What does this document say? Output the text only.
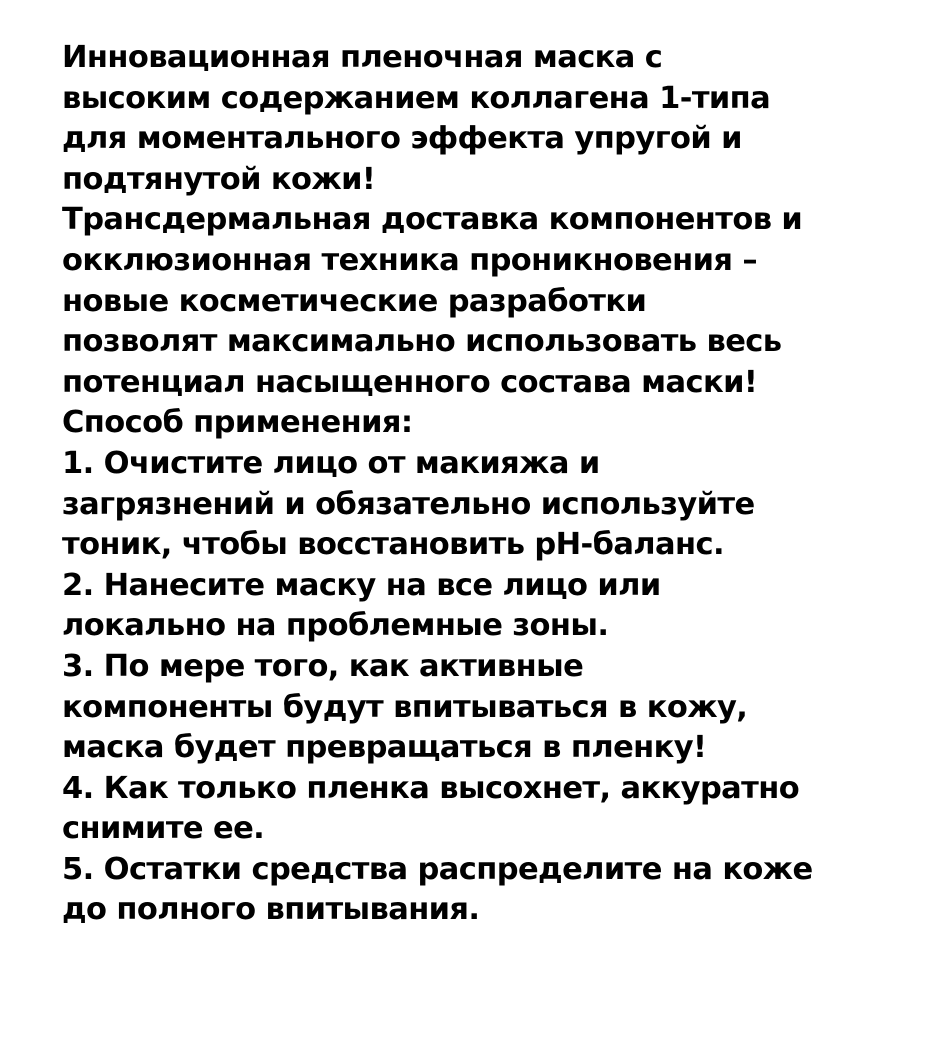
Инновационная пленочная маска с

высоким содержанием коллагена 1-типа

для моментального эффекта упругой и

подтянутой кожи!

Трансдермальная доставка компонентов и

окклюзионная техника проникновения –

новые косметические разработки

позволят максимально использовать весь

потенциал насыщенного состава маски!

Способ применения:

1. Очистите лицо от макияжа и

загрязнений и обязательно используйте

тоник, чтобы восстановить pH-баланс.

2. Нанесите маску на все лицо или

локально на проблемные зоны.

3. По мере того, как активные

компоненты будут впитываться в кожу,

маска будет превращаться в пленку!

4. Как только пленка высохнет, аккуратно

снимите ее.

5. Остатки средства распределите на коже

до полного впитывания.
